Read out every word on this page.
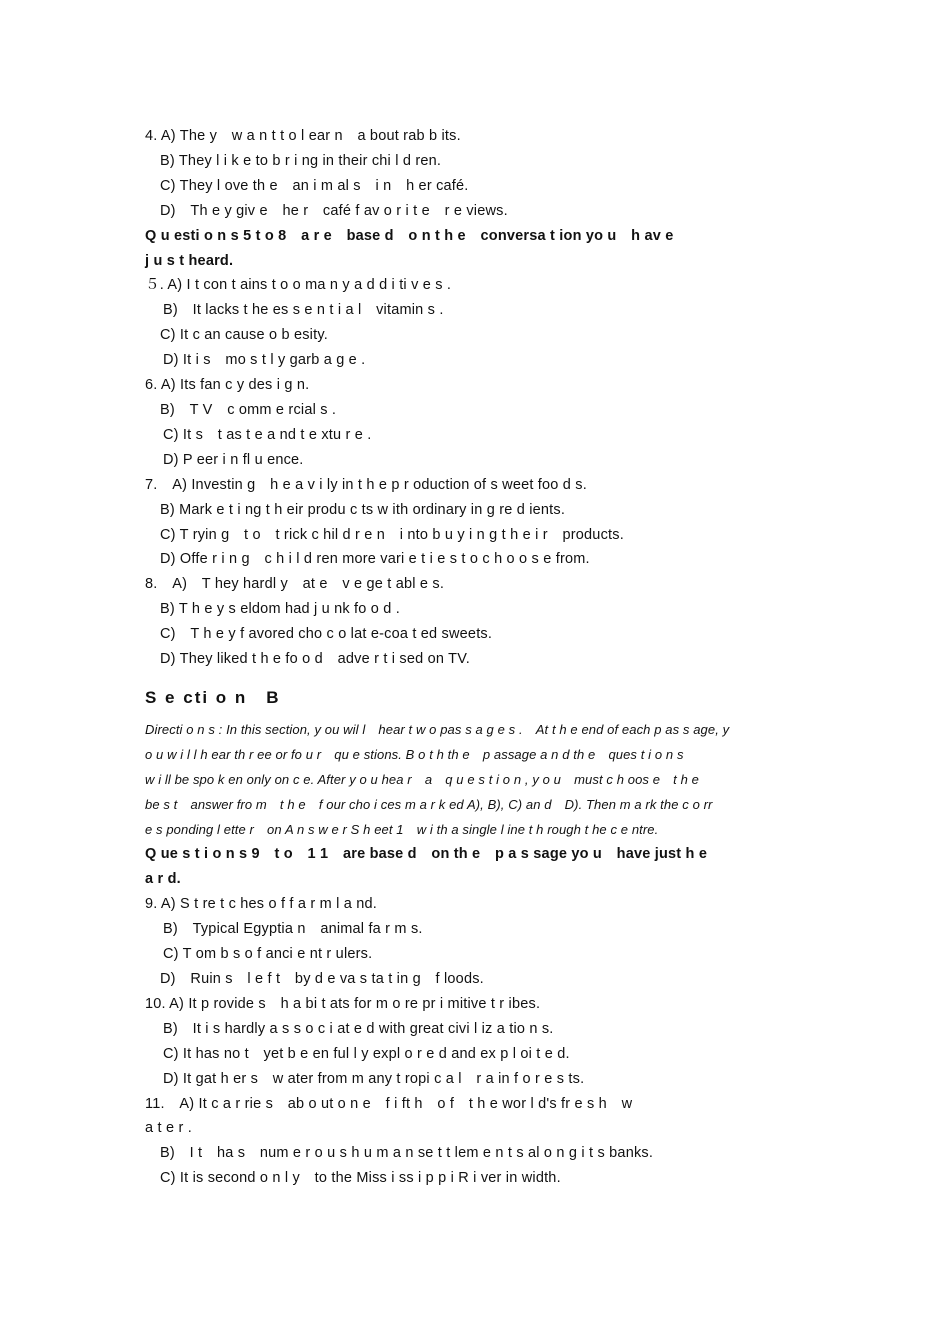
4. A) The y　w a n t t o l ear n　a bout rab b its.
B) They l i k e to b r i ng in their chi l d ren.
C) They l ove th e　an i m al s　i n　h er café.
D)　Th e y giv e　he r　café f av o r i t e　r e views.
Q u esti o n s 5 t o 8　a r e　base d　o n t h e　conversa t ion yo u　h av e
j u s t heard.
５. A) I t con t ains t o o ma n y a d d i ti v e s .
B)　It lacks t he es s e n t i a l　vitamin s .
C) It c an cause o b esity.
D) It i s　mo s t l y garb a g e .
6. A) Its fan c y des i g n.
B)　T V　c omm e rcial s .
C) It s　t as t e a nd t e xtu r e .
D) P eer i n fl u ence.
7.　A) Investin g　h e a v i ly in t h e p r oduction of s weet foo d s.
B) Mark e t i ng t h eir produ c ts w ith ordinary in g re d ients.
C) T ryin g　t o　t rick c hil d r e n　i nto b u y i n g t h e i r　products.
D) Offe r i n g　c h i l d ren more vari e t i e s t o c h o o s e from.
8.　A)　T hey hardl y　at e　v e ge t abl e s.
B) T h e y s eldom had j u nk fo o d .
C)　T h e y f avored cho c o lat e-coa t ed sweets.
D) They liked t h e fo o d　adve r t i sed on TV.
S e cti o n　B
Directi o n s : In this section, y ou wil l　hear t w o pas s a g e s .　At t h e end of each p as s age, y
o u w i l l h ear th r ee or fo u r　qu e stions. B o t h th e　p assage a n d th e　ques t i o n s
w i ll be spo k en only on c e. After y o u hea r　a　q u e s t i o n , y o u　must c h oos e　t h e
be s t　answer fro m　t h e　f our cho i ces m a r k ed A), B), C) an d　D). Then m a rk the c o rr
e s ponding l ette r　on A n s w e r S h eet 1　w i th a single l ine t h rough t he c e ntre.
Q ue s t i o n s 9　t o　1 1　are base d　on th e　p a s sage yo u　have just h e
a r d.
9. A) S t re t c hes o f f a r m l a nd.
B)　Typical Egyptia n　animal fa r m s.
C) T om b s o f anci e nt r ulers.
D)　Ruin s　l e f t　by d e va s ta t in g　f loods.
10. A) It p rovide s　h a bi t ats for m o re pr i mitive t r ibes.
B)　It i s hardly a s s o c i at e d with great civi l iz a tio n s.
C) It has no t　yet b e en ful l y expl o r e d and ex p l oi t e d.
D) It gat h er s　w ater from m any t ropi c a l　r a in f o r e s ts.
11.　A) It c a r rie s　ab o ut o n e　f i ft h　o f　t h e wor l d's fr e s h　w
a t e r .
B)　I t　ha s　num e r o u s h u m a n se t t lem e n t s al o n g i t s banks.
C) It is second o n l y　to the Miss i ss i p p i R i ver in width.
